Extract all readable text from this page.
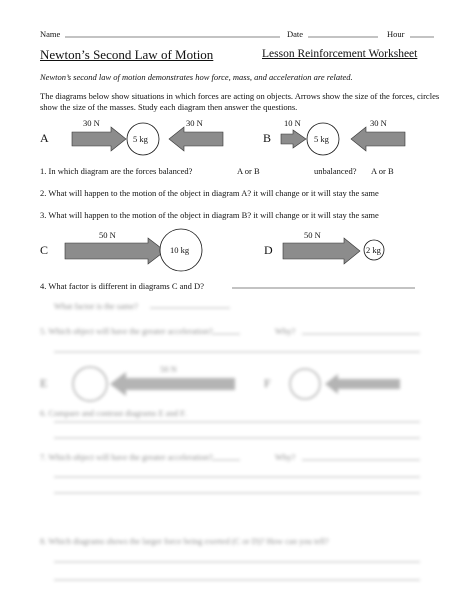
Name	Date	Hour
Newton’s Second Law of Motion	Lesson Reinforcement Worksheet
Newton’s second law of motion demonstrates how force, mass, and acceleration are related.
The diagrams below show situations in which forces are acting on objects. Arrows show the size of the forces, circles show the size of the masses. Study each diagram then answer the questions.
A
30 N
5 kg
30 N
B
10 N
5 kg
30 N
C
50 N
10 kg	D
50 N
2 kg
1. In which diagram are the forces balanced?	A or B	unbalanced? A or B
2. What will happen to the motion of the object in diagram A? it will change or it will stay the same
3. What will happen to the motion of the object in diagram B? it will change or it will stay the same
4. What factor is different in diagrams C and D?
What factor is the same?
5. Which object will have the greater acceleration?	Why?
E	F
50 N
6. Compare and contrast diagrams E and F.
7. Which object will have the greater acceleration?	Why?
8. Which diagrams shows the larger force being exerted (C or D)? How can you tell?
